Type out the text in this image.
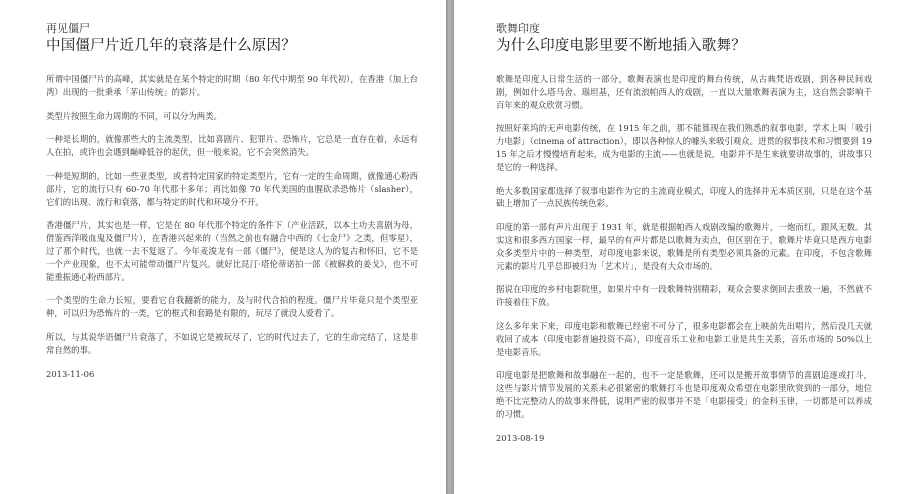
再见僵尸

中国僵尸片近几年的衰落是什么原因？

所谓中国僵尸片的高峰，其实就是在某个特定的时期（80 年代中期至 90 年代初），在香港（加上台湾）出现的一批秉承「茅山传统」的影片。

类型片按照生命力周期的不同，可以分为两类。

一种是长期的，就像那些大的主流类型，比如喜剧片、犯罪片、恐怖片，它总是一直存在着，永远有人在拍，或许也会遇到巅峰低谷的起伏，但一般来说，它不会突然消失。

一种是短期的，比如一些亚类型，或者特定国家的特定类型片，它有一定的生命周期，就像通心粉西部片，它的流行只有 60-70 年代那十多年；再比如像 70 年代美国的血腥砍杀恐怖片（slasher），它们的出现、流行和衰落，都与特定的时代和环境分不开。

香港僵尸片，其实也是一样，它是在 80 年代那个特定的条件下（产业活跃，以本土功夫喜剧为母，借鉴西洋吸血鬼及僵尸片），在香港兴起来的（当然之前也有融合中西的《七金尸》之类，但零星），过了那个时代，也就一去不复返了。今年麦浚龙有一部《僵尸》，便是这人为的复古和怀旧，它不是一个产业现象，也不太可能带动僵尸片复兴。就好比昆汀·塔伦蒂诺拍一部《被解救的姜戈》，也不可能重振通心粉西部片。

一个类型的生命力长短，要看它自我翻新的能力，及与时代合拍的程度。僵尸片毕竟只是个类型亚种，可以归为恐怖片的一类，它的框式和套路是有限的，玩尽了就没人爱看了。

所以，与其说华语僵尸片衰落了，不如说它是被玩尽了，它的时代过去了，它的生命完结了，这是非常自然的事。

2013-11-06

歌舞印度

为什么印度电影里要不断地插入歌舞？

歌舞是印度人日常生活的一部分，歌舞表演也是印度的舞台传统，从古典梵语戏剧，到各种民间戏剧，例如什么塔马舍、瑙坦基，还有流浪帕西人的戏剧，一直以大量歌舞表演为主，这自然会影响千百年来的观众欣赏习惯。

按照好莱坞的无声电影传统，在 1915 年之前，那不能算现在我们熟悉的叙事电影，学术上叫「吸引力电影」（cinema of attraction），即以各种惊人的噱头来吸引观众。进贯的叙事技术和习惯要到 1915 年之后才慢慢培育起来，成为电影的主流——也就是说，电影并不是生来就要讲故事的，讲故事只是它的一种选择。

绝大多数国家都选择了叙事电影作为它的主流商业模式，印度人的选择并无本质区别，只是在这个基础上增加了一点民族传统色彩。

印度的第一部有声片出现于 1931 年，就是根据帕西人戏剧改编的歌舞片，一炮而红，跟风无数。其实这和很多西方国家一样，最早的有声片都是以歌舞为卖点，但区别在于，歌舞片毕竟只是西方电影众多类型片中的一种类型，对印度电影来说，歌舞是所有类型必须具备的元素。在印度，不包含歌舞元素的影片几乎总即被归为「艺术片」，是没有大众市场的。

据说在印度的乡村电影院里，如果片中有一段歌舞特别精彩，观众会要求倒回去重放一遍，不然就不许接着往下放。

这么多年来下来，印度电影和歌舞已经密不可分了，很多电影都会在上映前先出唱片，然后没几天就收回了成本（印度电影普遍投资不高），印度音乐工业和电影工业是共生关系，音乐市场的 50%以上是电影音乐。

印度电影是把歌舞和故事融在一起的，也不一定是歌舞，还可以是搬开故事情节的喜剧追逐或打斗，这些与影片情节发展的关系未必很紧密的歌舞打斗也是印度观众希望在电影里欣赏到的一部分，地位绝不比完整动人的故事来得低，说明严密的叙事并不是「电影接受」的金科玉律，一切都是可以养成的习惯。

2013-08-19
